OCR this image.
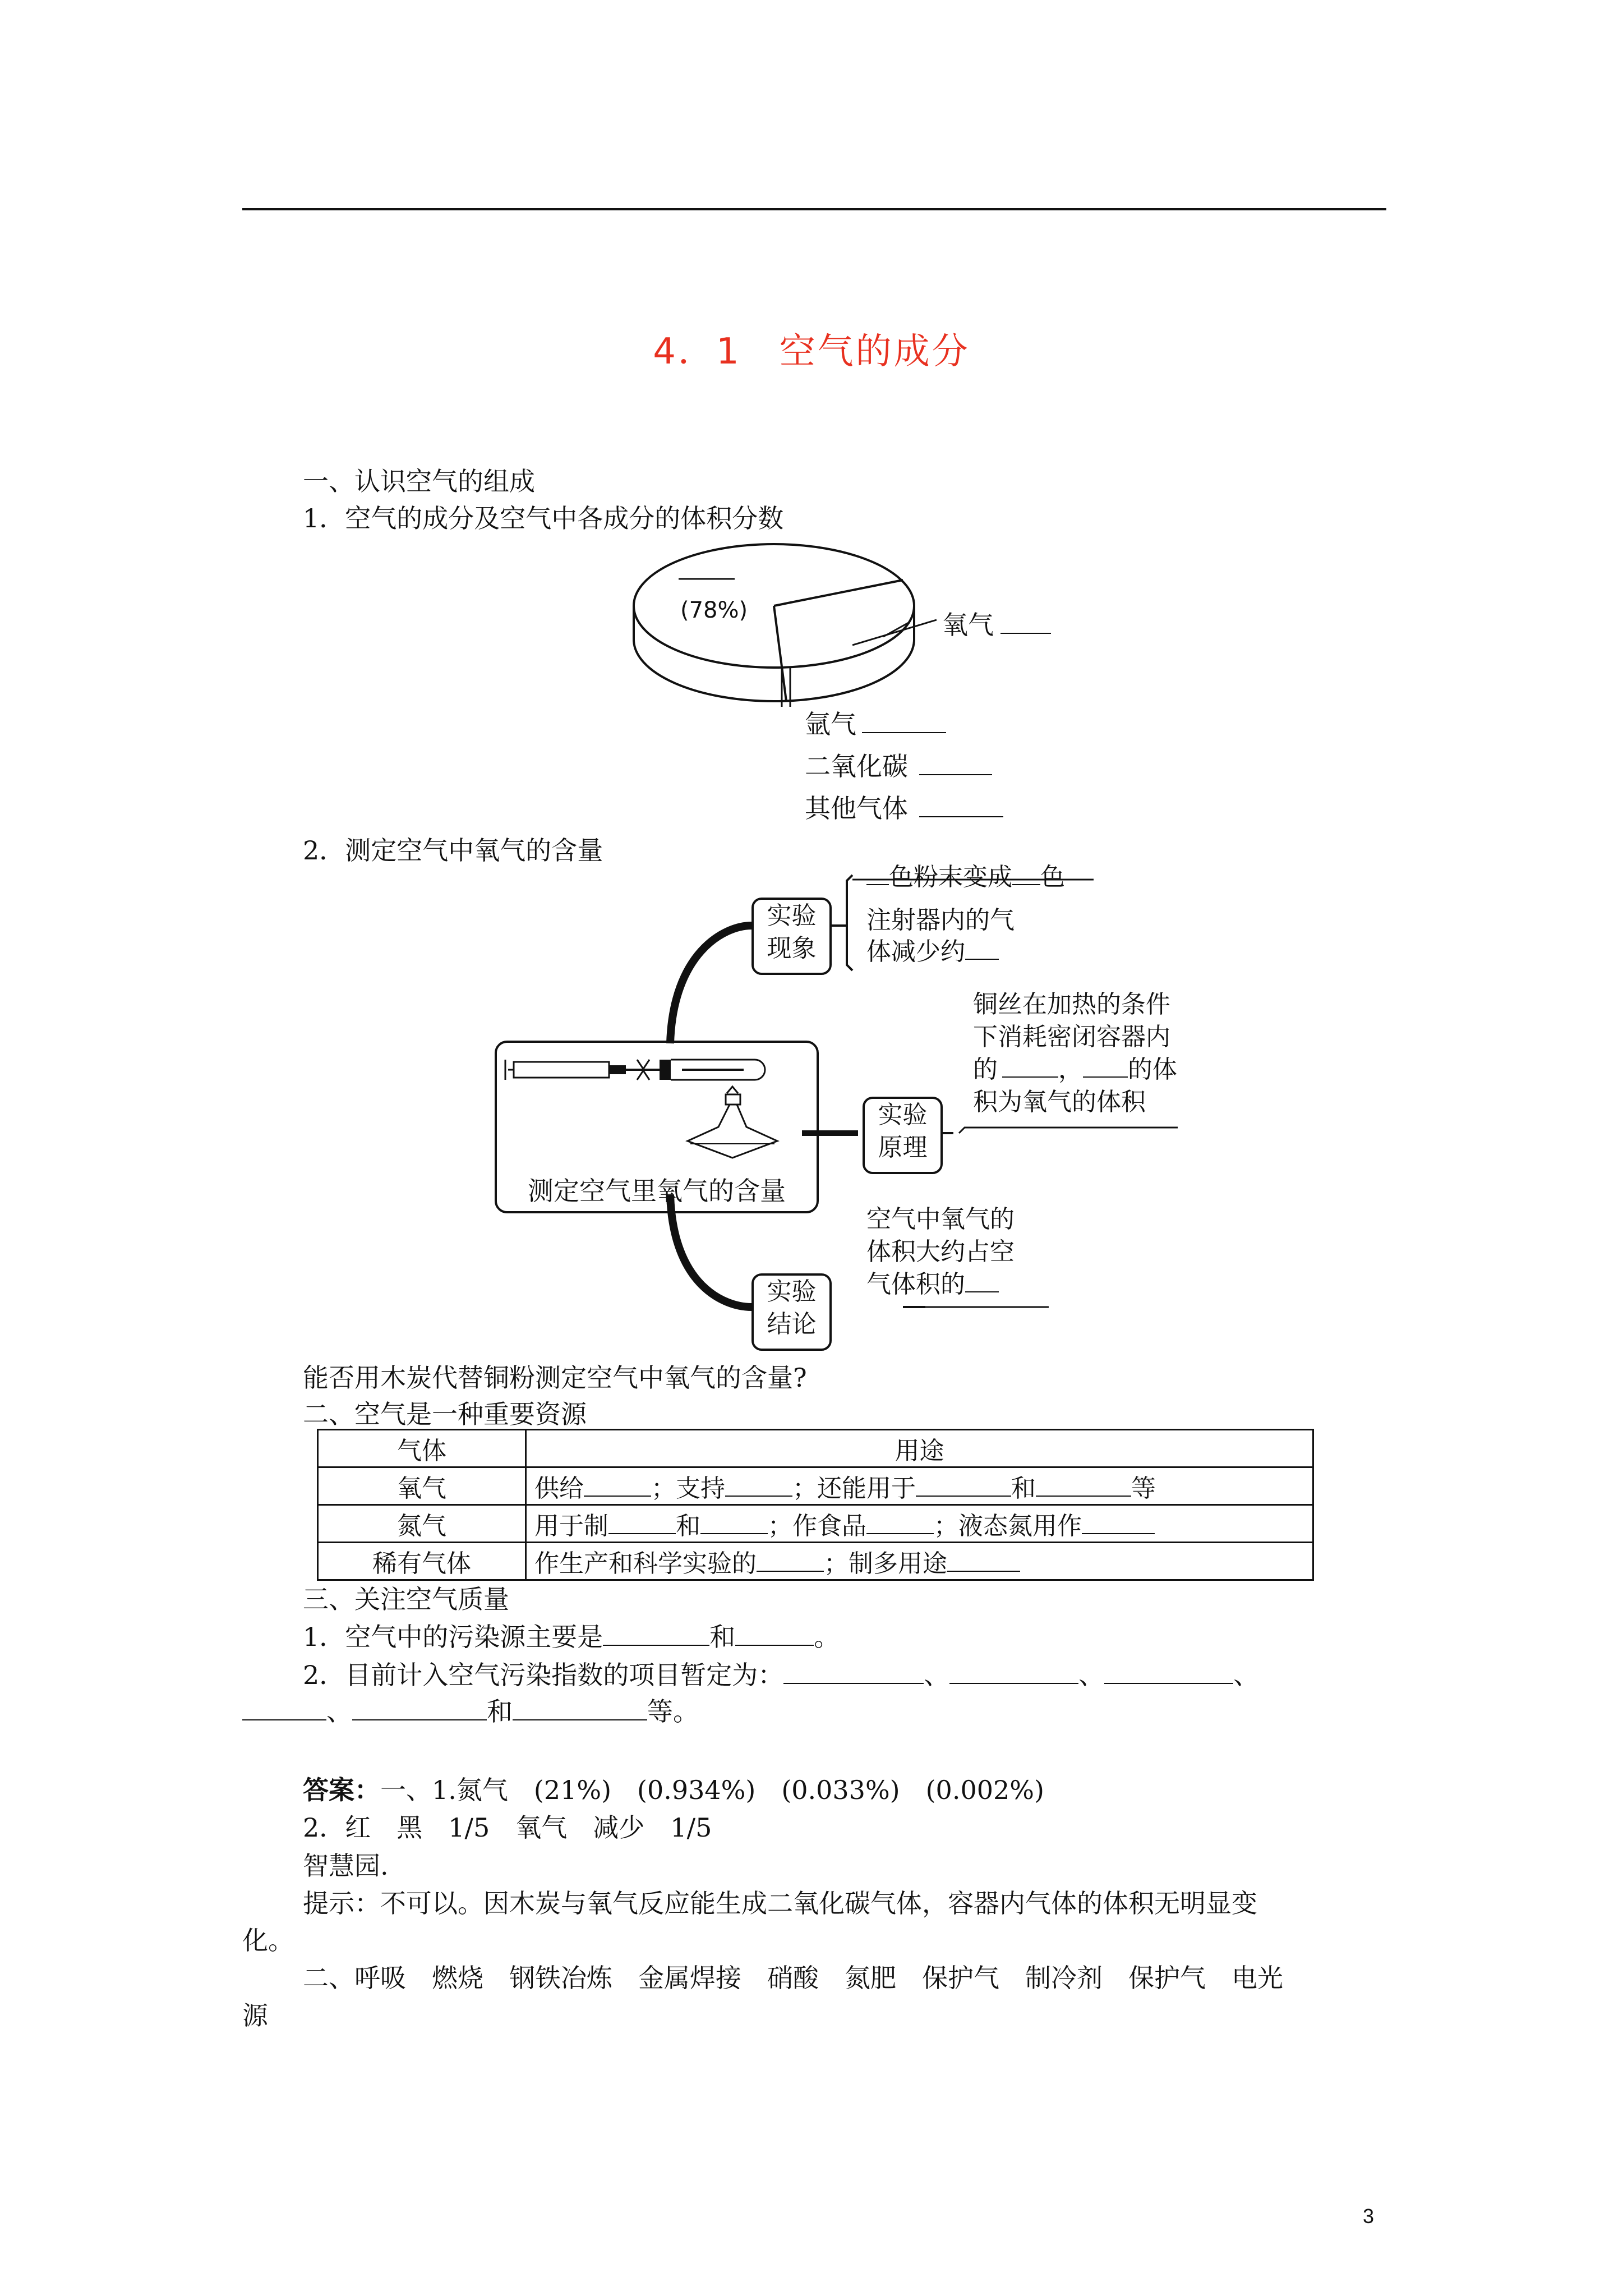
4．1　空气的成分
一、认识空气的组成
1．空气的成分及空气中各成分的体积分数
(78%)	氧气
氩气
二氧化碳
其他气体
2．测定空气中氧气的含量
测定空气里氧气的含量
实验
现象
色粉末变成 色
注射器内的气
体减少约
实验
原理
铜丝在加热的条件
下消耗密闭容器内
的 ， 的体
积为氧气的体积
实验
结论
空气中氧气的
体积大约占空
气体积的
能否用木炭代替铜粉测定空气中氧气的含量?
二、空气是一种重要资源
气体	用途
氧气	供给 ；支持 ；还能用于 和 等
氮气	用于制 和 ；作食品 ；液态氮用作
稀有气体	作生产和科学实验的 ；制多用途
三、关注空气质量
1．空气中的污染源主要是	和	。
2．目前计入空气污染指数的项目暂定为：	、	、	、
、	和	等。
答案：一、1.氮气　(21%)　(0.934%)　(0.033%)　(0.002%)
2．红　黑　1/5　氧气　减少　1/5
智慧园.
提示：不可以。因木炭与氧气反应能生成二氧化碳气体，容器内气体的体积无明显变
化。
二、呼吸　燃烧　钢铁冶炼　金属焊接　硝酸　氮肥　保护气　制冷剂　保护气　电光
源
3
